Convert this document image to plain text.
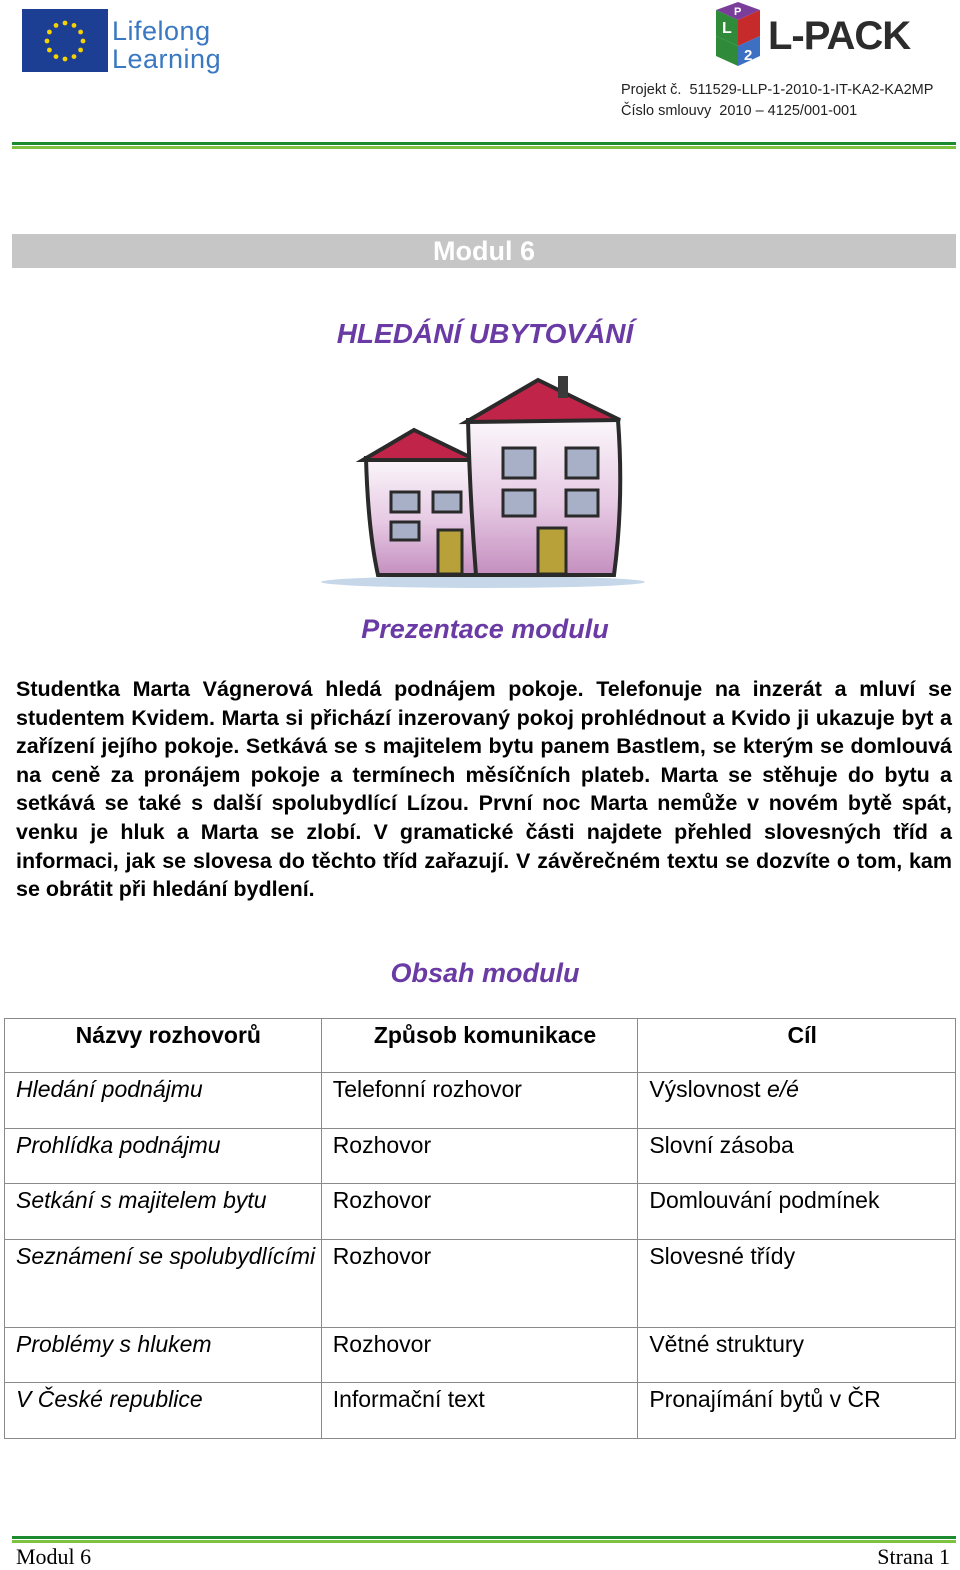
Lifelong
Learning
P
L
2 L-PACK
Projekt č.  511529-LLP-1-2010-1-IT-KA2-KA2MP
Číslo smlouvy  2010 – 4125/001-001
Modul 6
HLEDÁNÍ UBYTOVÁNÍ
Prezentace modulu
Studentka Marta Vágnerová hledá podnájem pokoje. Telefonuje na inzerát a mluví se studentem Kvidem. Marta si přichází inzerovaný pokoj prohlédnout a Kvido ji ukazuje byt a zařízení jejího pokoje. Setkává se s majitelem bytu panem Bastlem, se kterým se domlouvá na ceně za pronájem pokoje a termínech měsíčních plateb. Marta se stěhuje do bytu a setkává se také s další spolubydlící Lízou. První noc Marta nemůže v novém bytě spát, venku je hluk a Marta se zlobí. V gramatické části najdete přehled slovesných tříd a informaci, jak se slovesa do těchto tříd zařazují. V závěrečném textu se dozvíte o tom, kam se obrátit při hledání bydlení.
Obsah modulu
Názvy rozhovorů	Způsob komunikace	Cíl
Hledání podnájmu	Telefonní rozhovor	Výslovnost e/é
Prohlídka podnájmu	Rozhovor	Slovní zásoba
Setkání s majitelem bytu	Rozhovor	Domlouvání podmínek
Seznámení se spolubydlícími	Rozhovor	Slovesné třídy
Problémy s hlukem	Rozhovor	Větné struktury
V České republice	Informační text	Pronajímání bytů v ČR
Modul 6	Strana 1
